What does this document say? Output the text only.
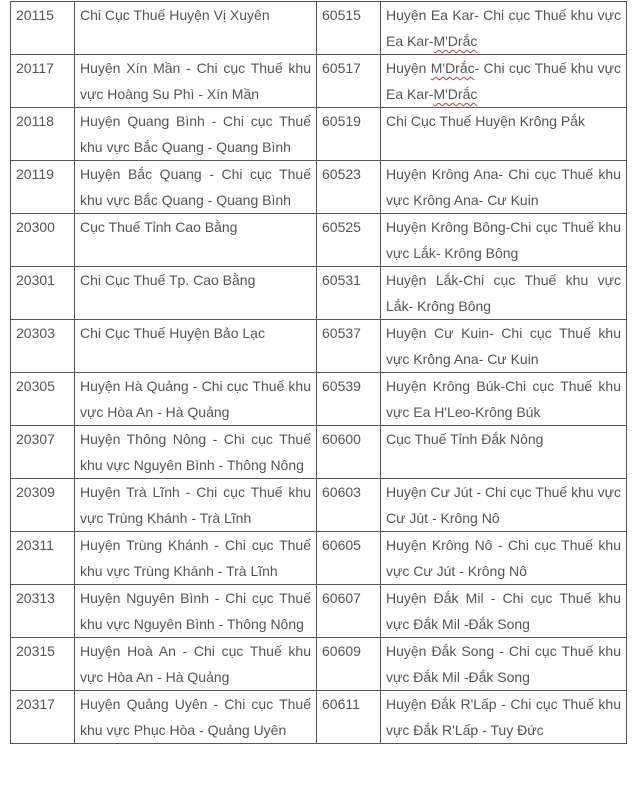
20115	Chi Cục Thuế Huyện Vị Xuyên	60515	Huyện Ea Kar- Chi cục Thuế khu vực Ea Kar-M'Drắc
20117	Huyện Xín Mần - Chi cục Thuế khu vực Hoàng Su Phì - Xín Mần	60517	Huyện M'Drắc- Chi cục Thuế khu vực Ea Kar-M'Drắc
20118	Huyện Quang Bình - Chi cục Thuế khu vực Bắc Quang - Quang Bình	60519	Chi Cục Thuế Huyện Krông Pắk
20119	Huyện Bắc Quang - Chi cục Thuế khu vực Bắc Quang - Quang Bình	60523	Huyện Krông Ana- Chi cục Thuế khu vực Krông Ana- Cư Kuin
20300	Cục Thuế Tỉnh Cao Bằng	60525	Huyện Krông Bông-Chi cục Thuế khu vực Lắk- Krông Bông
20301	Chi Cục Thuế Tp. Cao Bằng	60531	Huyện Lắk-Chi cục Thuế khu vực Lắk- Krông Bông
20303	Chi Cục Thuế Huyện Bảo Lạc	60537	Huyện Cư Kuin- Chi cục Thuế khu vực Krông Ana- Cư Kuin
20305	Huyện Hà Quảng - Chi cục Thuế khu vực Hòa An - Hà Quảng	60539	Huyện Krông Búk-Chi cục Thuế khu vực Ea H'Leo-Krông Búk
20307	Huyện Thông Nông - Chi cục Thuế khu vực Nguyên Bình - Thông Nông	60600	Cục Thuế Tỉnh Đắk Nông
20309	Huyện Trà Lĩnh - Chi cục Thuế khu vực Trùng Khánh - Trà Lĩnh	60603	Huyện Cư Jút - Chi cục Thuế khu vực Cư Jút - Krông Nô
20311	Huyện Trùng Khánh - Chi cục Thuế khu vực Trùng Khánh - Trà Lĩnh	60605	Huyện Krông Nô - Chi cục Thuế khu vực Cư Jút - Krông Nô
20313	Huyện Nguyên Bình - Chi cục Thuế khu vực Nguyên Bình - Thông Nông	60607	Huyện Đắk Mil - Chi cục Thuế khu vực Đắk Mil -Đắk Song
20315	Huyện Hoà An - Chi cục Thuế khu vực Hòa An - Hà Quảng	60609	Huyện Đắk Song - Chi cục Thuế khu vực Đắk Mil -Đắk Song
20317	Huyện Quảng Uyên - Chi cục Thuế khu vực Phục Hòa - Quảng Uyên	60611	Huyện Đắk R'Lấp - Chi cục Thuế khu vực Đắk R'Lấp - Tuy Đức
